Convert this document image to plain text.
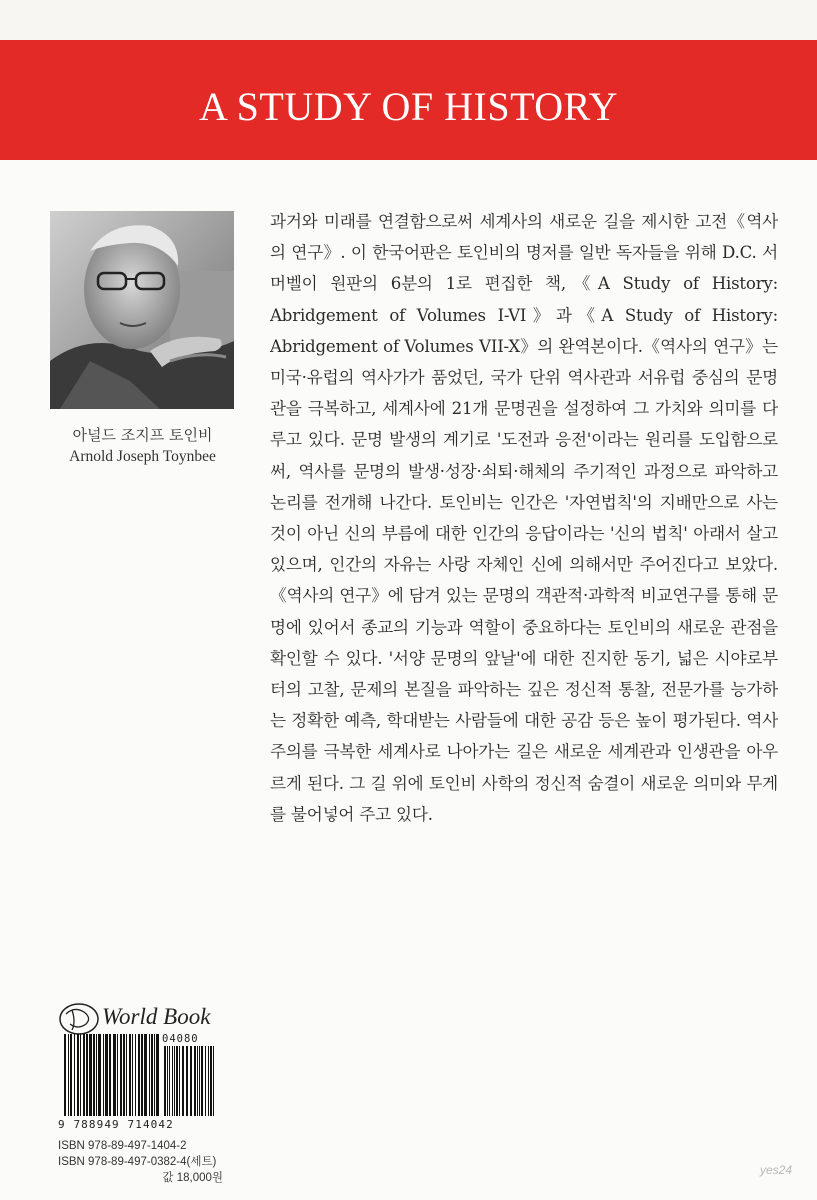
A STUDY OF HISTORY
아널드 조지프 토인비
Arnold Joseph Toynbee
과거와 미래를 연결함으로써 세계사의 새로운 길을 제시한 고전《역사의 연구》. 이 한국어판은 토인비의 명저를 일반 독자들을 위해 D.C. 서머벨이 원판의 6분의 1로 편집한 책,《A Study of History: Abridgement of Volumes I-VI》과《A Study of History: Abridgement of Volumes VII-X》의 완역본이다.《역사의 연구》는 미국·유럽의 역사가가 품었던, 국가 단위 역사관과 서유럽 중심의 문명관을 극복하고, 세계사에 21개 문명권을 설정하여 그 가치와 의미를 다루고 있다. 문명 발생의 계기로 '도전과 응전'이라는 원리를 도입함으로써, 역사를 문명의 발생·성장·쇠퇴·해체의 주기적인 과정으로 파악하고 논리를 전개해 나간다. 토인비는 인간은 '자연법칙'의 지배만으로 사는 것이 아닌 신의 부름에 대한 인간의 응답이라는 '신의 법칙' 아래서 살고 있으며, 인간의 자유는 사랑 자체인 신에 의해서만 주어진다고 보았다.《역사의 연구》에 담겨 있는 문명의 객관적·과학적 비교연구를 통해 문명에 있어서 종교의 기능과 역할이 중요하다는 토인비의 새로운 관점을 확인할 수 있다. '서양 문명의 앞날'에 대한 진지한 동기, 넓은 시야로부터의 고찰, 문제의 본질을 파악하는 깊은 정신적 통찰, 전문가를 능가하는 정확한 예측, 학대받는 사람들에 대한 공감 등은 높이 평가된다. 역사주의를 극복한 세계사로 나아가는 길은 새로운 세계관과 인생관을 아우르게 된다. 그 길 위에 토인비 사학의 정신적 숨결이 새로운 의미와 무게를 불어넣어 주고 있다.
World Book
04080
9 788949 714042
ISBN 978-89-497-1404-2
ISBN 978-89-497-0382-4(세트)
값 18,000원
yes24
